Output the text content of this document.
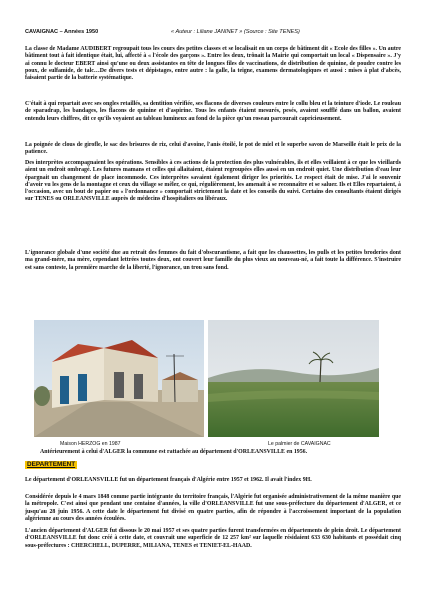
CAVAIGNAC – Années 1950	« Auteur : Liliane JANINET » (Source : Site TENES)

La classe de Madame AUDIBERT regroupait tous les cours des petites classes et se localisait en un corps de bâtiment dit « Ecole des filles ». Un autre bâtiment tout à fait identique était, lui, affecté à « l'école des garçons ». Entre les deux, trônait la Mairie qui comportait un local « Dispensaire ». J'y ai connu le docteur EBERT ainsi qu'une ou deux assistantes en tête de longues files de vaccinations, de distribution de quinine, de poudre contre les poux, de sulfamide, de talc…De divers tests et dépistages, entre autre : la galle, la teigne, examens dermatologiques et aussi : mises à plat d'abcès, faisaient partie de la batterie systématique.

C'était à qui repartait avec ses ongles retaillés, sa dentition vérifiée, ses flacons de diverses couleurs entre le collu bleu et la teinture d'iode. Le rouleau de sparadrap, les bandages, les flacons de quinine et d'aspirine. Tous les enfants étaient mesurés, pesés, avaient soufflé dans un ballon, avaient entendu leurs chiffres, dit ce qu'ils voyaient au tableau lumineux au fond de la pièce qu'un roseau parcourait capricieusement.

La poignée de clous de girofle, le sac des brisures de riz, celui d'avoine, l'anis étoilé, le pot de miel et le superbe savon de Marseille était le prix de la patience.

Des interprètes accompagnaient les opérations. Sensibles à ces actions de la protection des plus vulnérables, ils et elles veillaient à ce que les vieillards aient un endroit ombragé. Les futures mamans et celles qui allaitaient, étaient regroupées elles aussi en un endroit quiet. Une distribution d'eau leur épargnait un changement de place incommode. Ces interprètes savaient également diriger les priorités. Le respect était de mise. J'ai le souvenir d'avoir vu les gens de la montagne et ceux du village se mêler, ce qui, régulièrement, les amenait à se reconnaître et se saluer. Ils et Elles repartaient, à l'occasion, avec un bout de papier ou « l'ordonnance » comportait strictement la date et les conseils du suivi. Certains des consultants étaient dirigés sur TENES ou ORLEANSVILLE auprès de médecins d'hospitaliers ou libéraux.

L'ignorance globale d'une société due au retrait des femmes du fait d'obscurantisme, a fait que les chaussettes, les pulls et les petites broderies dont ma grand-mère, ma mère, cependant lettrées toutes deux, ont couvert leur famille du plus vieux au nouveau-né, a fait toute la différence. S'instruire est sans conteste, la première marche de la liberté, l'ignorance, un trou sans fond.

Maison HERZOG en 1987	Le palmier de CAVAIGNAC

Antérieurement à celui d'ALGER la commune est rattachée au département d'ORLEANSVILLE en 1956.

DEPARTEMENT

Le département d'ORLEANSVILLE fut un département français d'Algérie entre 1957 et 1962. Il avait l'index 9H.

Considérée depuis le 4 mars 1848 comme partie intégrante du territoire français, l'Algérie fut organisée administrativement de la même manière que la métropole. C'est ainsi que pendant une centaine d'années, la ville d'ORLEANSVILLE fut une sous-préfecture du département d'ALGER, et ce jusqu'au 28 juin 1956. A cette date le département fut divisé en quatre parties, afin de répondre à l'accroissement important de la population algérienne au cours des années écoulées.

L'ancien département d'ALGER fut dissous le 20 mai 1957 et ses quatre parties furent transformées en départements de plein droit. Le département d'ORLEANSVILLE fut donc créé à cette date, et couvrait une superficie de 12 257 km² sur laquelle résidaient 633 630 habitants et possédait cinq sous-préfectures : CHERCHELL, DUPERRE, MILIANA, TENES et TENIET-EL-HAAD.
